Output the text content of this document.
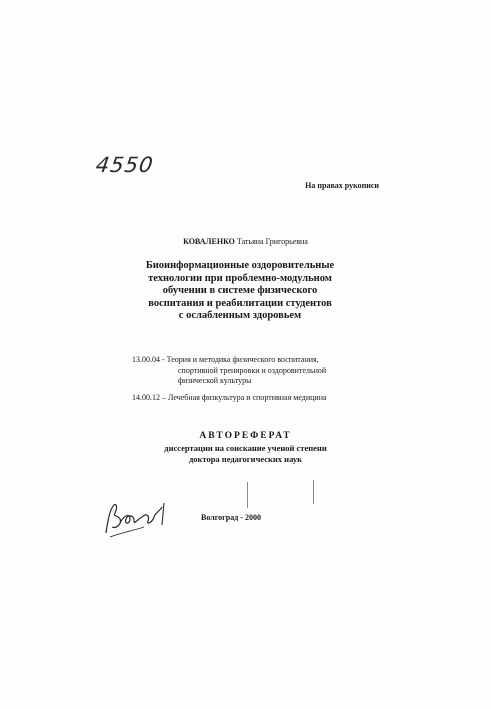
4550
На правах рукописи
КОВАЛЕНКО Татьяна Григорьевна
Биоинформационные оздоровительные
технологии при проблемно-модульном
обучении в системе физического
воспитания и реабилитации студентов
с ослабленным здоровьем
13.00.04 - Теория и методика физического воспитания,
спортивной тренировки и оздоровительной
физической культуры
14.00.12 – Лечебная физкультура и спортивная медицина
АВТОРЕФЕРАТ
диссертации на соискание ученой степени
доктора педагогических наук
Волгоград - 2000
